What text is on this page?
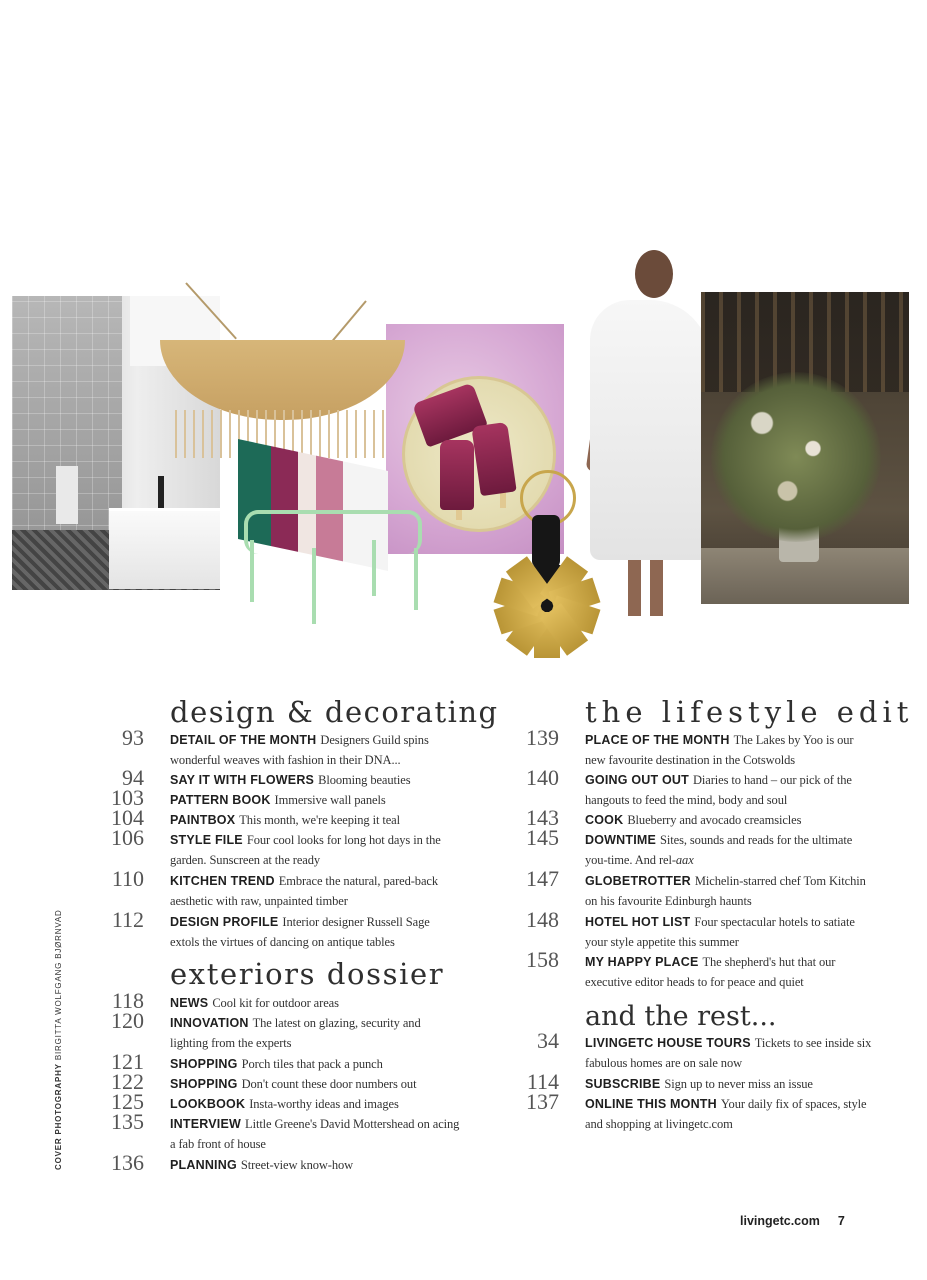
design & decorating
exteriors dossier
the lifestyle edit
and the rest...
93 DETAIL OF THE MONTH Designers Guild spins wonderful weaves with fashion in their DNA...
94 SAY IT WITH FLOWERS Blooming beauties
103 PATTERN BOOK Immersive wall panels
104 PAINTBOX This month, we're keeping it teal
106 STYLE FILE Four cool looks for long hot days in the garden. Sunscreen at the ready
110 KITCHEN TREND Embrace the natural, pared-back aesthetic with raw, unpainted timber
112 DESIGN PROFILE Interior designer Russell Sage extols the virtues of dancing on antique tables
118 NEWS Cool kit for outdoor areas
120 INNOVATION The latest on glazing, security and lighting from the experts
121 SHOPPING Porch tiles that pack a punch
122 SHOPPING Don't count these door numbers out
125 LOOKBOOK Insta-worthy ideas and images
135 INTERVIEW Little Greene's David Mottershead on acing a fab front of house
136 PLANNING Street-view know-how
139 PLACE OF THE MONTH The Lakes by Yoo is our new favourite destination in the Cotswolds
140 GOING OUT OUT Diaries to hand – our pick of the hangouts to feed the mind, body and soul
143 COOK Blueberry and avocado creamsicles
145 DOWNTIME Sites, sounds and reads for the ultimate you-time. And rel-aax
147 GLOBETROTTER Michelin-starred chef Tom Kitchin on his favourite Edinburgh haunts
148 HOTEL HOT LIST Four spectacular hotels to satiate your style appetite this summer
158 MY HAPPY PLACE The shepherd's hut that our executive editor heads to for peace and quiet
34 LIVINGETC HOUSE TOURS Tickets to see inside six fabulous homes are on sale now
114 SUBSCRIBE Sign up to never miss an issue
137 ONLINE THIS MONTH Your daily fix of spaces, style and shopping at livingetc.com
COVER PHOTOGRAPHY BIRGITTA WOLFGANG BJØRNVAD
livingetc.com 7
